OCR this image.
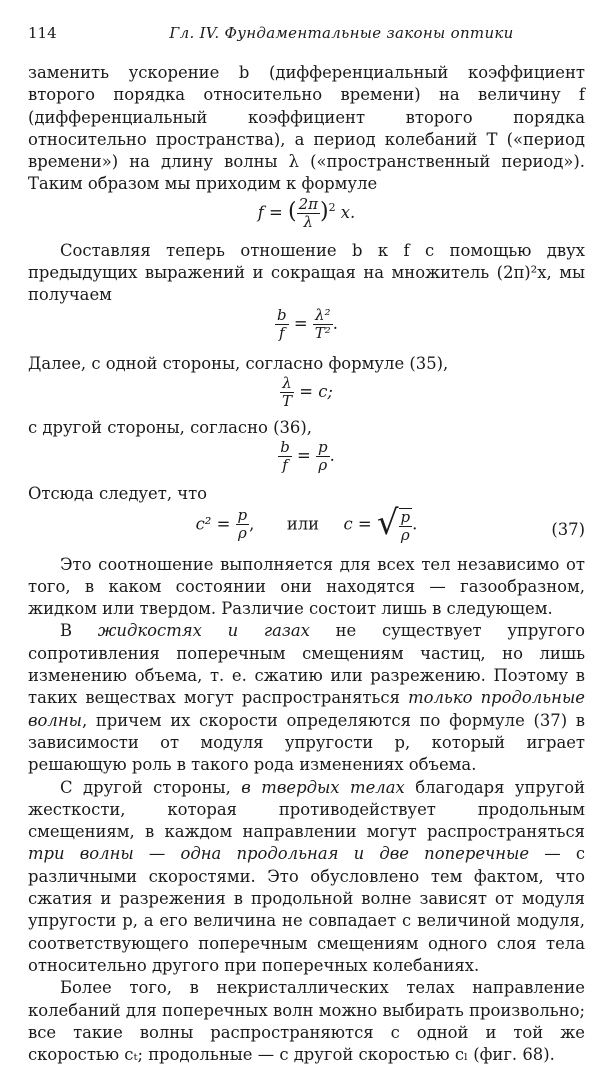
114	Гл. IV. Фундаментальные законы оптики

заменить ускорение b (дифференциальный коэффициент второго порядка относительно времени) на величину f (дифференциальный коэффициент второго порядка относительно пространства), а период колебаний T («период времени») на длину волны λ («пространственный период»). Таким образом мы приходим к формуле

f = ( $\frac{2\pi}{\lambda} )^2$ x.

Составляя теперь отношение b к f с помощью двух предыдущих выражений и сокращая на множитель (2π)²x, мы получаем

$\frac{b}{f} = \frac{\text{λ²}}{\text{T²}}$ .

Далее, с одной стороны, согласно формуле (35),

$\frac{\lambda}{T} = c$;

с другой стороны, согласно (36),

$\frac{b}{f} = \frac{p}{\rho}$ .

Отсюда следует, что

$c^2 = \frac{p}{\rho}$ , или c = √ $\frac{p}{\rho}$ .	(37)

Это соотношение выполняется для всех тел независимо от того, в каком состоянии они находятся — газообразном, жидком или твердом. Различие состоит лишь в следующем.

В жидкостях и газах не существует упругого сопротивления поперечным смещениям частиц, но лишь изменению объема, т. е. сжатию или разрежению. Поэтому в таких веществах могут распространяться только продольные волны, причем их скорости определяются по формуле (37) в зависимости от модуля упругости p, который играет решающую роль в такого рода изменениях объема.

С другой стороны, в твердых телах благодаря упругой жесткости, которая противодействует продольным смещениям, в каждом направлении могут распространяться три волны — одна продольная и две поперечные — с различными скоростями. Это обусловлено тем фактом, что сжатия и разрежения в продольной волне зависят от модуля упругости p, а его величина не совпадает с величиной модуля, соответствующего поперечным смещениям одного слоя тела относительно другого при поперечных колебаниях.

Более того, в некристаллических телах направление колебаний для поперечных волн можно выбирать произвольно; все такие волны распространяются с одной и той же скоростью cₜ; продольные — с другой скоростью cₗ (фиг. 68).
